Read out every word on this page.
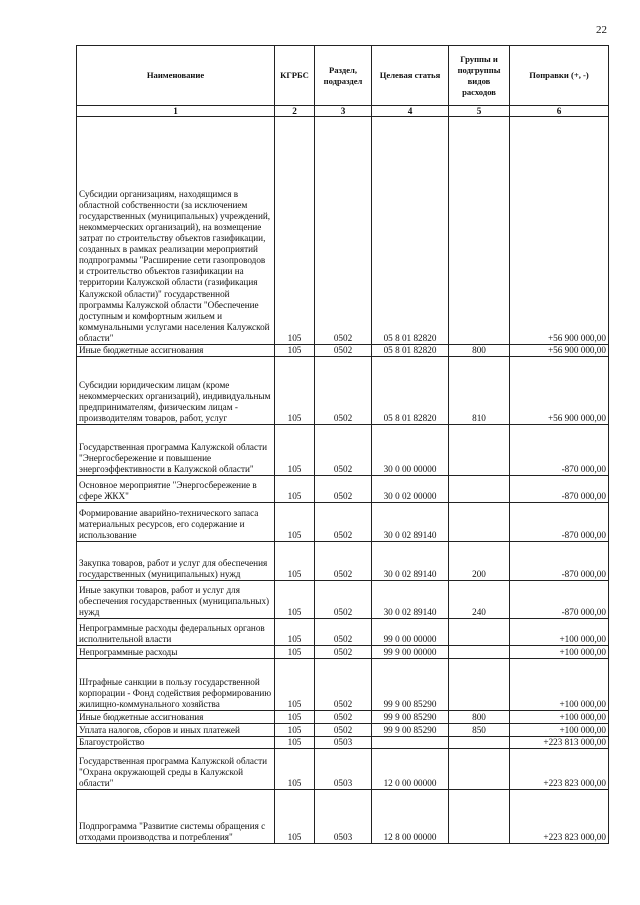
22
Наименование	КГРБС	Раздел, подраздел	Целевая статья	Группы и подгруппы видов расходов	Поправки (+, -)
1	2	3	4	5	6
Субсидии организациям, находящимся в областной собственности (за исключением государственных (муниципальных) учреждений, некоммерческих организаций), на возмещение затрат по строительству объектов газификации, созданных в рамках реализации мероприятий подпрограммы "Расширение сети газопроводов и строительство объектов газификации на территории Калужской области (газификация Калужской области)" государственной программы Калужской области "Обеспечение доступным и комфортным жильем и коммунальными услугами населения Калужской области"	105	0502	05 8 01 82820		+56 900 000,00
Иные бюджетные ассигнования	105	0502	05 8 01 82820	800	+56 900 000,00
Субсидии юридическим лицам (кроме некоммерческих организаций), индивидуальным предпринимателям, физическим лицам - производителям товаров, работ, услуг	105	0502	05 8 01 82820	810	+56 900 000,00
Государственная программа Калужской области "Энергосбережение и повышение энергоэффективности в Калужской области"	105	0502	30 0 00 00000		-870 000,00
Основное мероприятие "Энергосбережение в сфере ЖКХ"	105	0502	30 0 02 00000		-870 000,00
Формирование аварийно-технического запаса материальных ресурсов, его содержание и использование	105	0502	30 0 02 89140		-870 000,00
Закупка товаров, работ и услуг для обеспечения государственных (муниципальных) нужд	105	0502	30 0 02 89140	200	-870 000,00
Иные закупки товаров, работ и услуг для обеспечения государственных (муниципальных) нужд	105	0502	30 0 02 89140	240	-870 000,00
Непрограммные расходы федеральных органов исполнительной власти	105	0502	99 0 00 00000		+100 000,00
Непрограммные расходы	105	0502	99 9 00 00000		+100 000,00
Штрафные санкции в пользу государственной корпорации - Фонд содействия реформированию жилищно-коммунального хозяйства	105	0502	99 9 00 85290		+100 000,00
Иные бюджетные ассигнования	105	0502	99 9 00 85290	800	+100 000,00
Уплата налогов, сборов и иных платежей	105	0502	99 9 00 85290	850	+100 000,00
Благоустройство	105	0503			+223 813 000,00
Государственная программа Калужской области "Охрана окружающей среды в Калужской области"	105	0503	12 0 00 00000		+223 823 000,00
Подпрограмма "Развитие системы обращения с отходами производства и потребления"	105	0503	12 8 00 00000		+223 823 000,00
